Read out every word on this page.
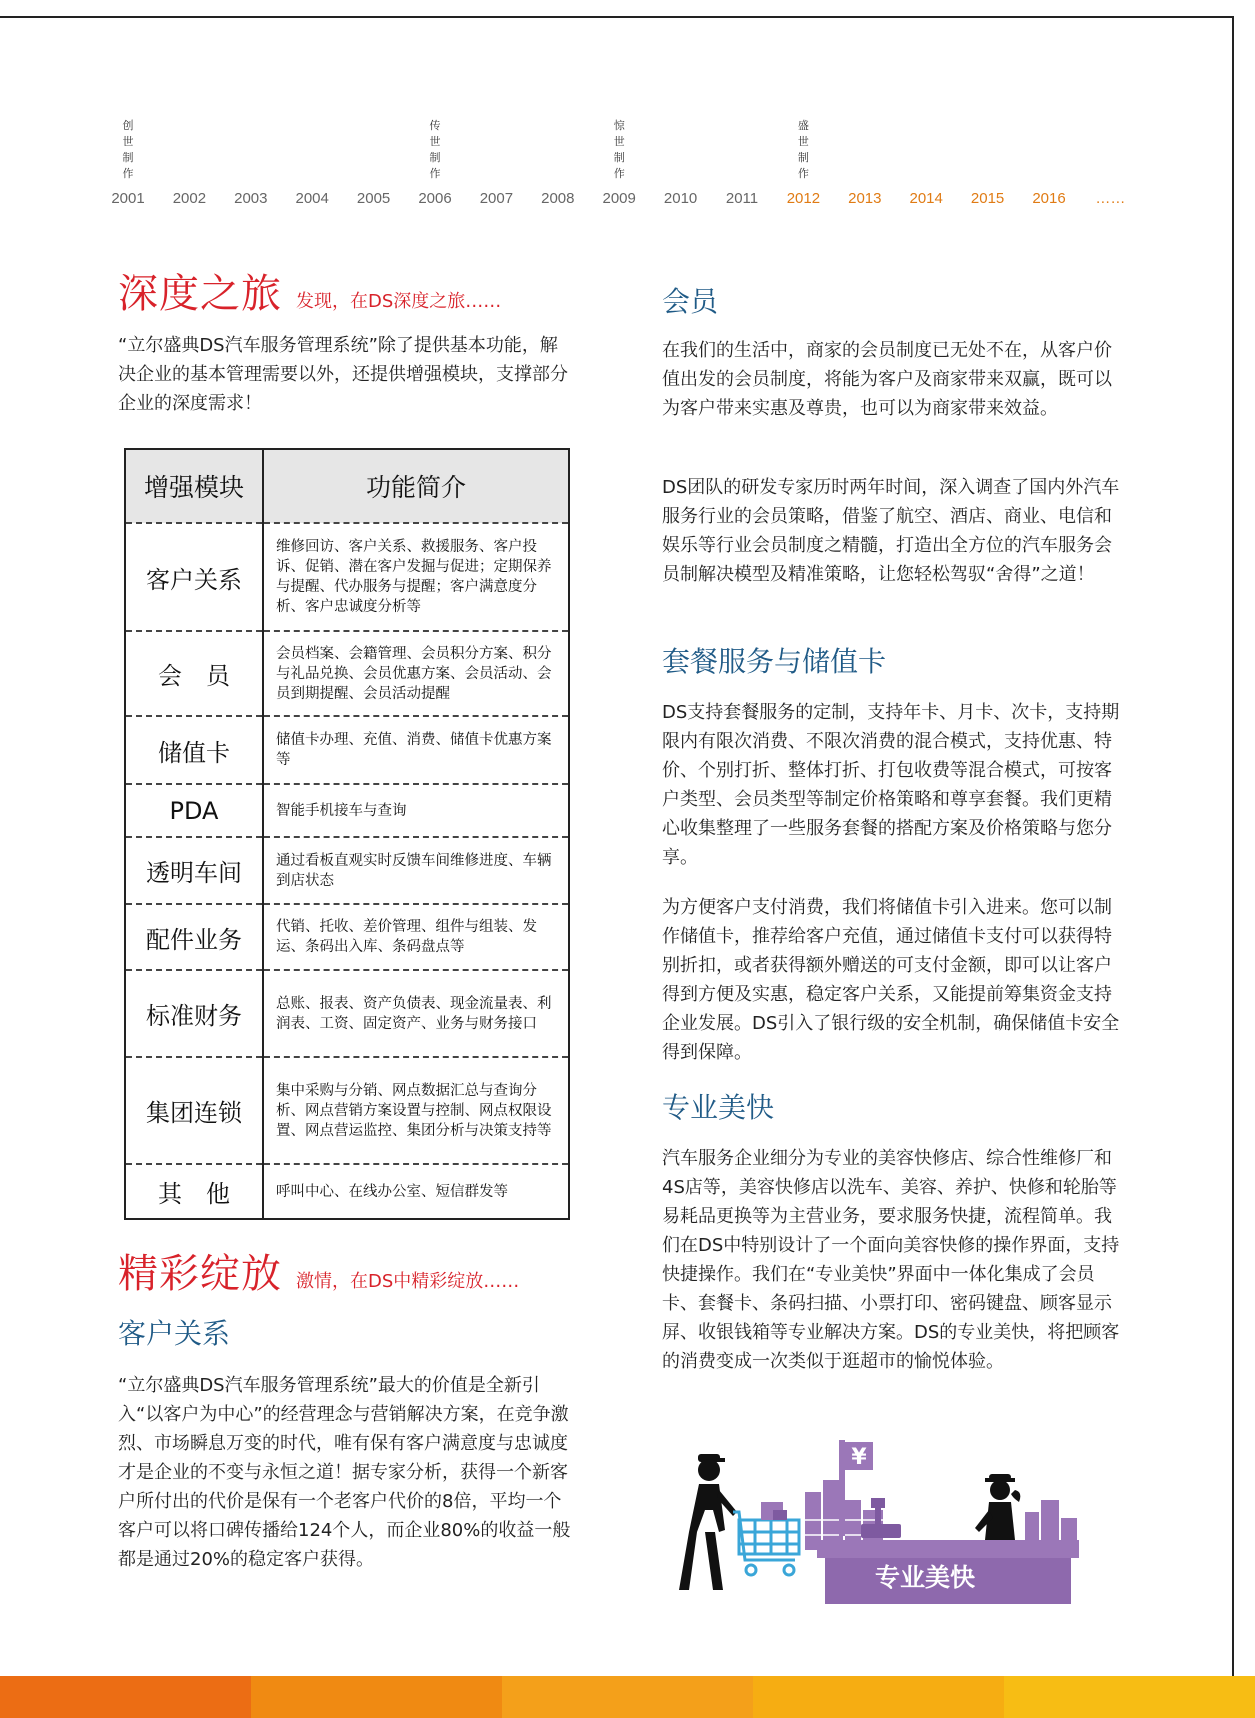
2001	2002	2003	2004	2005	2006	2007	2008	2009	2010	2011	2012	2013	2014	2015	2016	……
创世制作
传世制作
惊世制作
盛世制作
深度之旅 发现，在DS深度之旅……

“立尔盛典DS汽车服务管理系统”除了提供基本功能，解决企业的基本管理需要以外，还提供增强模块，支撑部分企业的深度需求！

增强模块	功能简介
客户关系	维修回访、客户关系、救援服务、客户投诉、促销、潜在客户发掘与促进；定期保养与提醒、代办服务与提醒；客户满意度分析、客户忠诚度分析等
会　员	会员档案、会籍管理、会员积分方案、积分与礼品兑换、会员优惠方案、会员活动、会员到期提醒、会员活动提醒
储值卡	储值卡办理、充值、消费、储值卡优惠方案等
PDA	智能手机接车与查询
透明车间	通过看板直观实时反馈车间维修进度、车辆到店状态
配件业务	代销、托收、差价管理、组件与组装、发运、条码出入库、条码盘点等
标准财务	总账、报表、资产负债表、现金流量表、利润表、工资、固定资产、业务与财务接口
集团连锁	集中采购与分销、网点数据汇总与查询分析、网点营销方案设置与控制、网点权限设置、网点营运监控、集团分析与决策支持等
其　他	呼叫中心、在线办公室、短信群发等
精彩绽放 激情，在DS中精彩绽放……
客户关系

“立尔盛典DS汽车服务管理系统”最大的价值是全新引入“以客户为中心”的经营理念与营销解决方案，在竞争激烈、市场瞬息万变的时代，唯有保有客户满意度与忠诚度才是企业的不变与永恒之道！据专家分析，获得一个新客户所付出的代价是保有一个老客户代价的8倍，平均一个客户可以将口碑传播给124个人，而企业80%的收益一般都是通过20%的稳定客户获得。

会员

在我们的生活中，商家的会员制度已无处不在，从客户价值出发的会员制度，将能为客户及商家带来双赢，既可以为客户带来实惠及尊贵，也可以为商家带来效益。

DS团队的研发专家历时两年时间，深入调查了国内外汽车服务行业的会员策略，借鉴了航空、酒店、商业、电信和娱乐等行业会员制度之精髓，打造出全方位的汽车服务会员制解决模型及精准策略，让您轻松驾驭“舍得”之道！

套餐服务与储值卡

DS支持套餐服务的定制，支持年卡、月卡、次卡，支持期限内有限次消费、不限次消费的混合模式，支持优惠、特价、个别打折、整体打折、打包收费等混合模式，可按客户类型、会员类型等制定价格策略和尊享套餐。我们更精心收集整理了一些服务套餐的搭配方案及价格策略与您分享。

为方便客户支付消费，我们将储值卡引入进来。您可以制作储值卡，推荐给客户充值，通过储值卡支付可以获得特别折扣，或者获得额外赠送的可支付金额，即可以让客户得到方便及实惠，稳定客户关系，又能提前筹集资金支持企业发展。DS引入了银行级的安全机制，确保储值卡安全得到保障。

专业美快

汽车服务企业细分为专业的美容快修店、综合性维修厂和4S店等，美容快修店以洗车、美容、养护、快修和轮胎等易耗品更换等为主营业务，要求服务快捷，流程简单。我们在DS中特别设计了一个面向美容快修的操作界面，支持快捷操作。我们在“专业美快”界面中一体化集成了会员卡、套餐卡、条码扫描、小票打印、密码键盘、顾客显示屏、收银钱箱等专业解决方案。DS的专业美快，将把顾客的消费变成一次类似于逛超市的愉悦体验。

¥
专业美快
